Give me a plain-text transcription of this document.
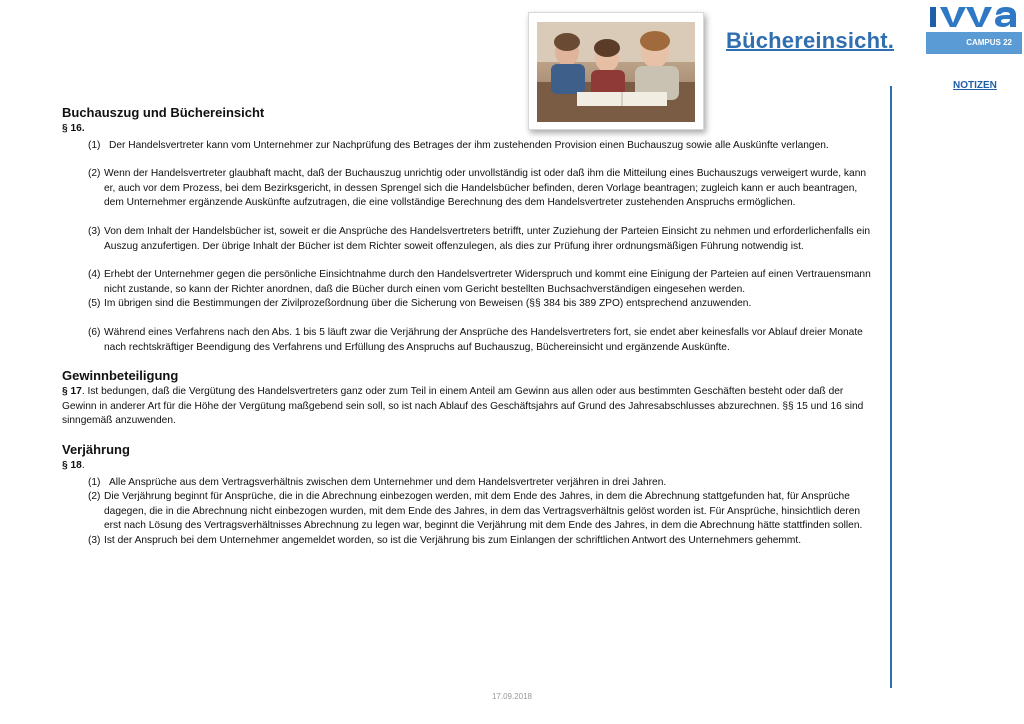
Büchereinsicht.	CAMPUS 22
NOTIZEN
Buchauszug und Büchereinsicht
§ 16.
(1) Der Handelsvertreter kann vom Unternehmer zur Nachprüfung des Betrages der ihm zustehenden Provision einen Buchauszug sowie alle Auskünfte verlangen.
(2) Wenn der Handelsvertreter glaubhaft macht, daß der Buchauszug unrichtig oder unvollständig ist oder daß ihm die Mitteilung eines Buchauszugs verweigert wurde, kann er, auch vor dem Prozess, bei dem Bezirksgericht, in dessen Sprengel sich die Handelsbücher befinden, deren Vorlage beantragen; zugleich kann er auch beantragen, dem Unternehmer ergänzende Auskünfte aufzutragen, die eine vollständige Berechnung des dem Handelsvertreter zustehenden Anspruchs ermöglichen.
(3) Von dem Inhalt der Handelsbücher ist, soweit er die Ansprüche des Handelsvertreters betrifft, unter Zuziehung der Parteien Einsicht zu nehmen und erforderlichenfalls ein Auszug anzufertigen. Der übrige Inhalt der Bücher ist dem Richter soweit offenzulegen, als dies zur Prüfung ihrer ordnungsmäßigen Führung notwendig ist.
(4) Erhebt der Unternehmer gegen die persönliche Einsichtnahme durch den Handelsvertreter Widerspruch und kommt eine Einigung der Parteien auf einen Vertrauensmann nicht zustande, so kann der Richter anordnen, daß die Bücher durch einen vom Gericht bestellten Buchsachverständigen eingesehen werden.
(5) Im übrigen sind die Bestimmungen der Zivilprozeßordnung über die Sicherung von Beweisen (§§ 384 bis 389 ZPO) entsprechend anzuwenden.
(6) Während eines Verfahrens nach den Abs. 1 bis 5 läuft zwar die Verjährung der Ansprüche des Handelsvertreters fort, sie endet aber keinesfalls vor Ablauf dreier Monate nach rechtskräftiger Beendigung des Verfahrens und Erfüllung des Anspruchs auf Buchauszug, Büchereinsicht und ergänzende Auskünfte.
Gewinnbeteiligung
§ 17. Ist bedungen, daß die Vergütung des Handelsvertreters ganz oder zum Teil in einem Anteil am Gewinn aus allen oder aus bestimmten Geschäften besteht oder daß der Gewinn in anderer Art für die Höhe der Vergütung maßgebend sein soll, so ist nach Ablauf des Geschäftsjahrs auf Grund des Jahresabschlusses abzurechnen. §§ 15 und 16 sind sinngemäß anzuwenden.
Verjährung
§ 18.
(1) Alle Ansprüche aus dem Vertragsverhältnis zwischen dem Unternehmer und dem Handelsvertreter verjähren in drei Jahren.
(2) Die Verjährung beginnt für Ansprüche, die in die Abrechnung einbezogen werden, mit dem Ende des Jahres, in dem die Abrechnung stattgefunden hat, für Ansprüche dagegen, die in die Abrechnung nicht einbezogen wurden, mit dem Ende des Jahres, in dem das Vertragsverhältnis gelöst worden ist. Für Ansprüche, hinsichtlich deren erst nach Lösung des Vertragsverhältnisses Abrechnung zu legen war, beginnt die Verjährung mit dem Ende des Jahres, in dem die Abrechnung hätte stattfinden sollen.
(3) Ist der Anspruch bei dem Unternehmer angemeldet worden, so ist die Verjährung bis zum Einlangen der schriftlichen Antwort des Unternehmers gehemmt.
17.09.2018
